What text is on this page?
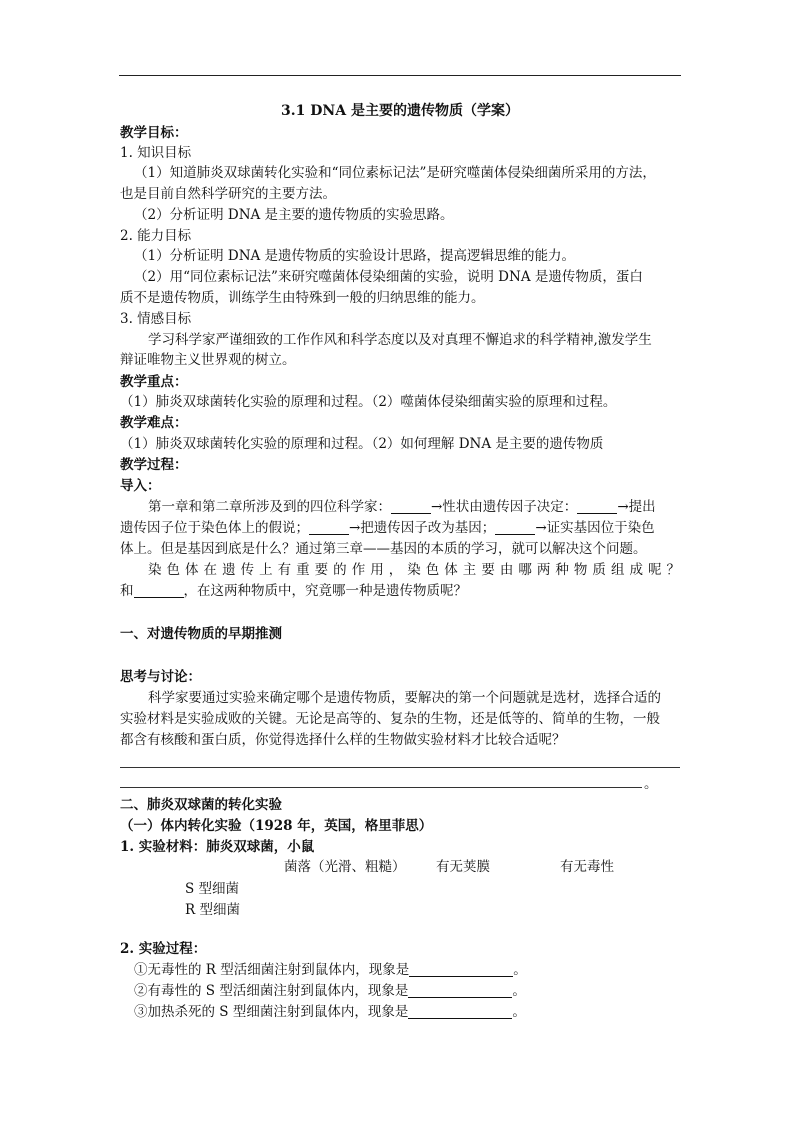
3.1 DNA 是主要的遗传物质（学案）
教学目标：
1. 知识目标
（1）知道肺炎双球菌转化实验和“同位素标记法”是研究噬菌体侵染细菌所采用的方法，
也是目前自然科学研究的主要方法。
（2）分析证明 DNA 是主要的遗传物质的实验思路。
2. 能力目标
（1）分析证明 DNA 是遗传物质的实验设计思路，提高逻辑思维的能力。
（2）用“同位素标记法”来研究噬菌体侵染细菌的实验，说明 DNA 是遗传物质，蛋白
质不是遗传物质，训练学生由特殊到一般的归纳思维的能力。
3. 情感目标
学习科学家严谨细致的工作作风和科学态度以及对真理不懈追求的科学精神,激发学生
辩证唯物主义世界观的树立。
教学重点：
（1）肺炎双球菌转化实验的原理和过程。（2）噬菌体侵染细菌实验的原理和过程。
教学难点：
（1）肺炎双球菌转化实验的原理和过程。（2）如何理解 DNA 是主要的遗传物质
教学过程：
导入：
第一章和第二章所涉及到的四位科学家：	→性状由遗传因子决定：	→提出
遗传因子位于染色体上的假说；	→把遗传因子改为基因；	→证实基因位于染色
体上。但是基因到底是什么？通过第三章——基因的本质的学习，就可以解决这个问题。
染色体在遗传上有重要的作用，染色体主要由哪两种物质组成呢？
和	，在这两种物质中，究竟哪一种是遗传物质呢？
一、对遗传物质的早期推测
思考与讨论：
科学家要通过实验来确定哪个是遗传物质，要解决的第一个问题就是选材，选择合适的
实验材料是实验成败的关键。无论是高等的、复杂的生物，还是低等的、简单的生物，一般
都含有核酸和蛋白质，你觉得选择什么样的生物做实验材料才比较合适呢？
。
二、肺炎双球菌的转化实验
（一）体内转化实验（1928 年，英国，格里菲思）
1. 实验材料：肺炎双球菌，小鼠
菌落（光滑、粗糙） 有无荚膜	有无毒性
S 型细菌
R 型细菌
2. 实验过程：
①无毒性的 R 型活细菌注射到鼠体内，现象是	。
②有毒性的 S 型活细菌注射到鼠体内，现象是	。
③加热杀死的 S 型细菌注射到鼠体内，现象是	。
